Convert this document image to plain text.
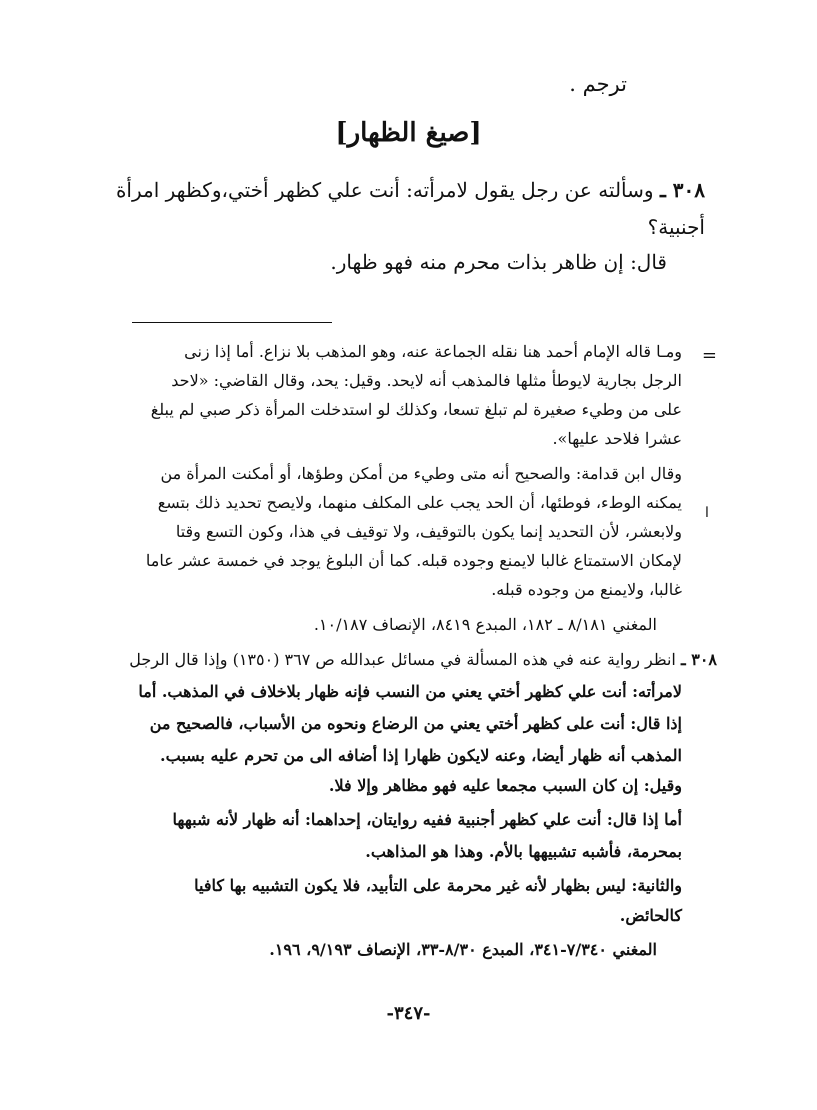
ترجم .
[صيغ الظهار]
٣٠٨ ـ وسألته عن رجل يقول لامرأته: أنت علي كظهر أختي،وكظهر امرأة
أجنبية؟
قال: إن ظاهر بذات محرم منه فهو ظهار.
=
ومـا قاله الإمام أحمد هنا نقله الجماعة عنه، وهو المذهب بلا نزاع. أما إذا زنى
الرجل بجارية لايوطأ مثلها فالمذهب أنه لايحد. وقيل: يحد، وقال القاضي: «لاحد
على من وطيء صغيرة لم تبلغ تسعا، وكذلك لو استدخلت المرأة ذكر صبي لم يبلغ
عشرا فلاحد عليها».
وقال ابن قدامة: والصحيح أنه متى وطيء من أمكن وطؤها، أو أمكنت المرأة من
يمكنه الوطء، فوطئها، أن الحد يجب على المكلف منهما، ولايصح تحديد ذلك بتسع
ولابعشر، لأن التحديد إنما يكون بالتوقيف، ولا توقيف في هذا، وكون التسع وقتا
لإمكان الاستمتاع غالبا لايمنع وجوده قبله. كما أن البلوغ يوجد في خمسة عشر عاما
غالبا، ولايمنع من وجوده قبله.
المغني ٨/١٨١ ـ ١٨٢، المبدع ٨٤١٩، الإنصاف ١٠/١٨٧.
ا
٣٠٨ ـ انظر رواية عنه في هذه المسألة في مسائل عبدالله ص ٣٦٧ (١٣٥٠) وإذا قال الرجل
لامرأته: أنت علي كظهر أختي يعني من النسب فإنه ظهار بلاخلاف في المذهب. أما
إذا قال: أنت على كظهر أختي يعني من الرضاع ونحوه من الأسباب، فالصحيح من
المذهب أنه ظهار أيضا، وعنه لايكون ظهارا إذا أضافه الى من تحرم عليه بسبب.
وقيل: إن كان السبب مجمعا عليه فهو مظاهر وإلا فلا.
أما إذا قال: أنت علي كظهر أجنبية ففيه روايتان، إحداهما: أنه ظهار لأنه شبهها
بمحرمة، فأشبه تشبيهها بالأم. وهذا هو المذاهب.
والثانية: ليس بظهار لأنه غير محرمة على التأبيد، فلا يكون التشبيه بها كافيا
كالحائض.
المغني ٧/٣٤٠-٣٤١، المبدع ٨/٣٠-٣٣، الإنصاف ٩/١٩٣، ١٩٦.
-٣٤٧-
